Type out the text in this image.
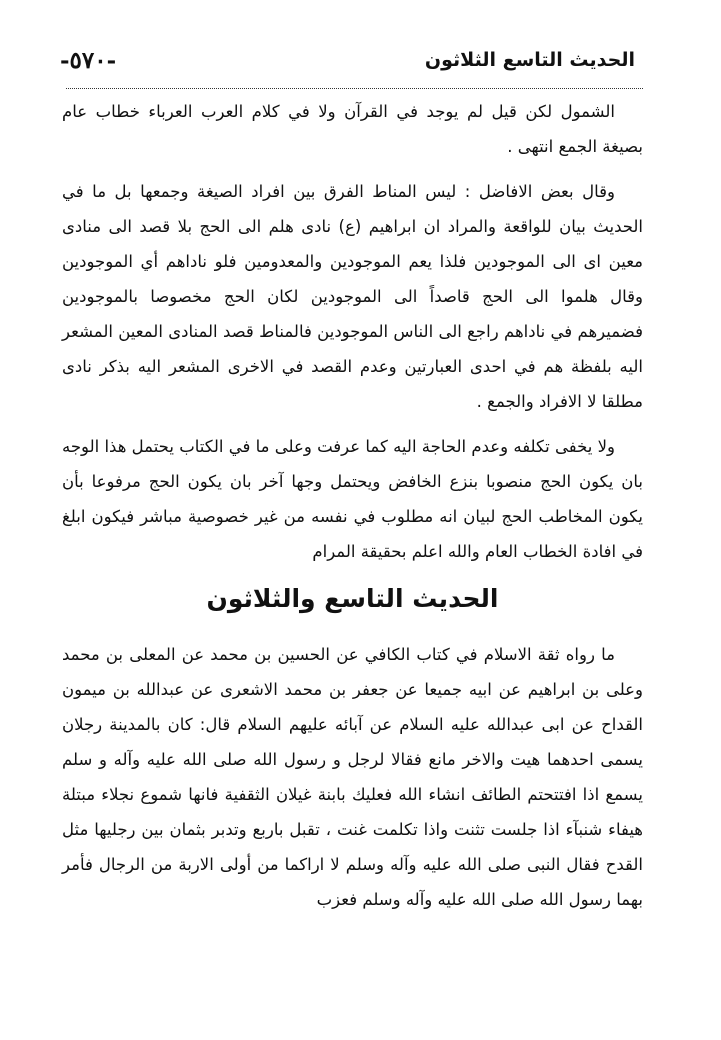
-٥٧٠-	الحديث التاسع الثلاثون

الشمول لكن قيل لم يوجد في القرآن ولا في كلام العرب العرباء خطاب عام بصيغة الجمع انتهى .

وقال بعض الافاضل : ليس المناط الفرق بين افراد الصيغة وجمعها بل ما في الحديث بيان للواقعة والمراد ان ابراهيم (ع) نادى هلم الى الحج بلا قصد الى منادى معين اى الى الموجودين فلذا يعم الموجودين والمعدومين فلو ناداهم أي الموجودين وقال هلموا الى الحج قاصداً الى الموجودين لكان الحج مخصوصا بالموجودين فضميرهم في ناداهم راجع الى الناس الموجودين فالمناط قصد المنادى المعين المشعر اليه بلفظة هم في احدى العبارتين وعدم القصد في الاخرى المشعر اليه بذكر نادى مطلقا لا الافراد والجمع .

ولا يخفى تكلفه وعدم الحاجة اليه كما عرفت وعلى ما في الكتاب يحتمل هذا الوجه بان يكون الحج منصوبا بنزع الخافض ويحتمل وجها آخر بان يكون الحج مرفوعا بأن يكون المخاطب الحج لبيان انه مطلوب في نفسه من غير خصوصية مباشر فيكون ابلغ في افادة الخطاب العام والله اعلم بحقيقة المرام

الحديث التاسع والثلاثون

ما رواه ثقة الاسلام في كتاب الكافي عن الحسين بن محمد عن المعلى بن محمد وعلى بن ابراهيم عن ابيه جميعا عن جعفر بن محمد الاشعرى عن عبدالله بن ميمون القداح عن ابى عبدالله عليه السلام عن آبائه عليهم السلام قال: كان بالمدينة رجلان يسمى احدهما هيت والاخر مانع فقالا لرجل و رسول الله صلى الله عليه وآله و سلم يسمع اذا افتتحتم الطائف انشاء الله فعليك بابنة غيلان الثقفية فانها شموع نجلاء مبتلة هيفاء شنبآء اذا جلست تثنت واذا تكلمت غنت ، تقبل باربع وتدبر بثمان بين رجليها مثل القدح فقال النبى صلى الله عليه وآله وسلم لا اراكما من أولى الاربة من الرجال فأمر بهما رسول الله صلى الله عليه وآله وسلم فعزب
